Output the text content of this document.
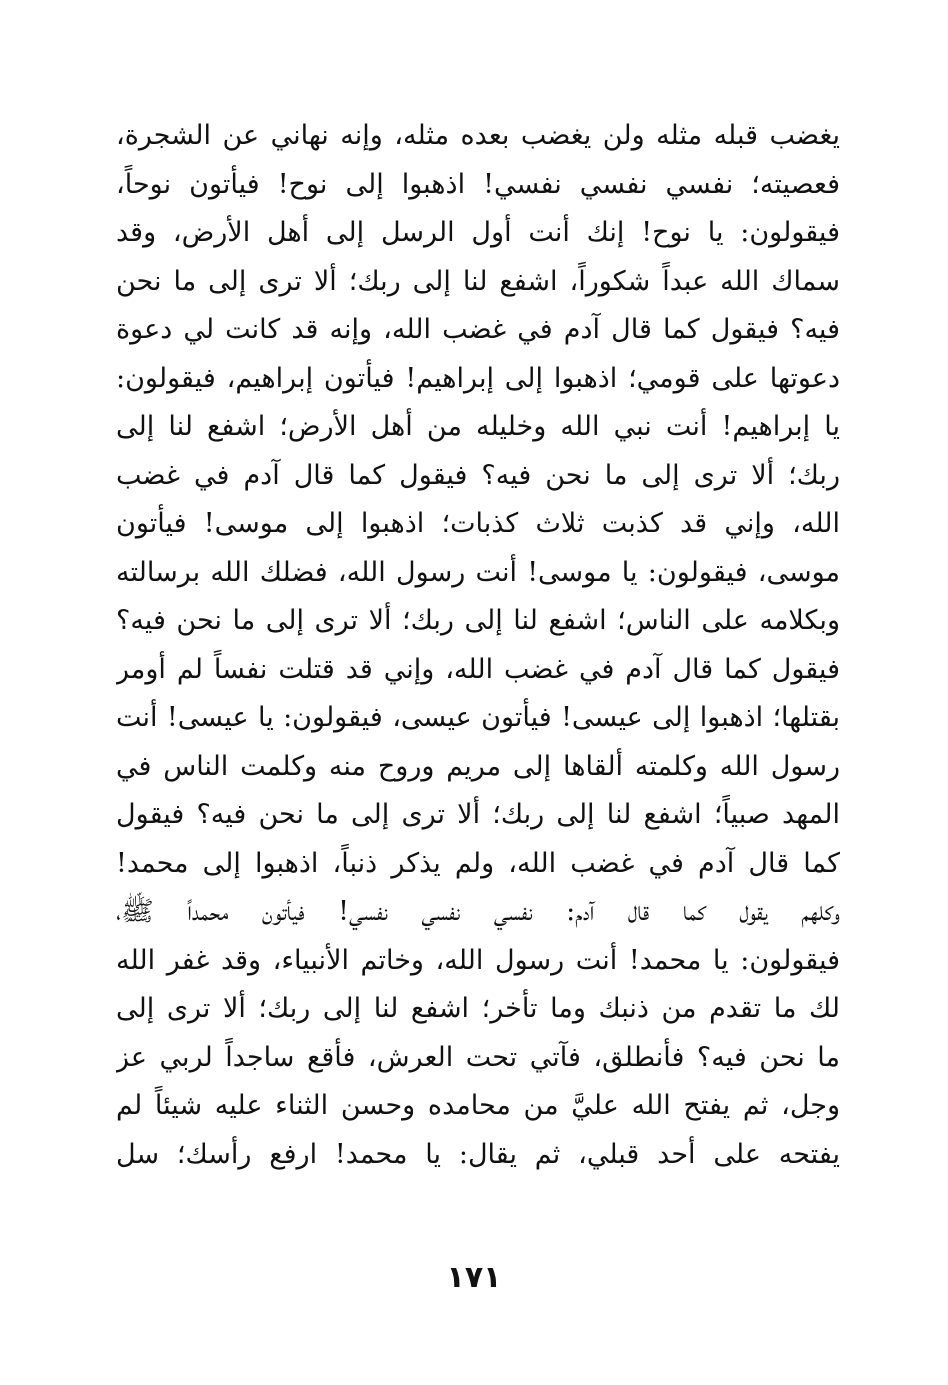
يغضب قبله مثله ولن يغضب بعده مثله، وإنه نهاني عن الشجرة،
فعصيته؛ نفسي نفسي نفسي! اذهبوا إلى نوح! فيأتون نوحاً،
فيقولون: يا نوح! إنك أنت أول الرسل إلى أهل الأرض، وقد
سماك الله عبداً شكوراً، اشفع لنا إلى ربك؛ ألا ترى إلى ما نحن
فيه؟ فيقول كما قال آدم في غضب الله، وإنه قد كانت لي دعوة
دعوتها على قومي؛ اذهبوا إلى إبراهيم! فيأتون إبراهيم، فيقولون:
يا إبراهيم! أنت نبي الله وخليله من أهل الأرض؛ اشفع لنا إلى
ربك؛ ألا ترى إلى ما نحن فيه؟ فيقول كما قال آدم في غضب
الله، وإني قد كذبت ثلاث كذبات؛ اذهبوا إلى موسى! فيأتون
موسى، فيقولون: يا موسى! أنت رسول الله، فضلك الله برسالته
وبكلامه على الناس؛ اشفع لنا إلى ربك؛ ألا ترى إلى ما نحن فيه؟
فيقول كما قال آدم في غضب الله، وإني قد قتلت نفساً لم أومر
بقتلها؛ اذهبوا إلى عيسى! فيأتون عيسى، فيقولون: يا عيسى! أنت
رسول الله وكلمته ألقاها إلى مريم وروح منه وكلمت الناس في
المهد صبياً؛ اشفع لنا إلى ربك؛ ألا ترى إلى ما نحن فيه؟ فيقول
كما قال آدم في غضب الله، ولم يذكر ذنباً، اذهبوا إلى محمد!
وكلهم يقول كما قال آدم: نفسي نفسي نفسي! فيأتون محمداً ﷺ،
فيقولون: يا محمد! أنت رسول الله، وخاتم الأنبياء، وقد غفر الله
لك ما تقدم من ذنبك وما تأخر؛ اشفع لنا إلى ربك؛ ألا ترى إلى
ما نحن فيه؟ فأنطلق، فآتي تحت العرش، فأقع ساجداً لربي عز
وجل، ثم يفتح الله عليَّ من محامده وحسن الثناء عليه شيئاً لم
يفتحه على أحد قبلي، ثم يقال: يا محمد! ارفع رأسك؛ سل
١٧١
